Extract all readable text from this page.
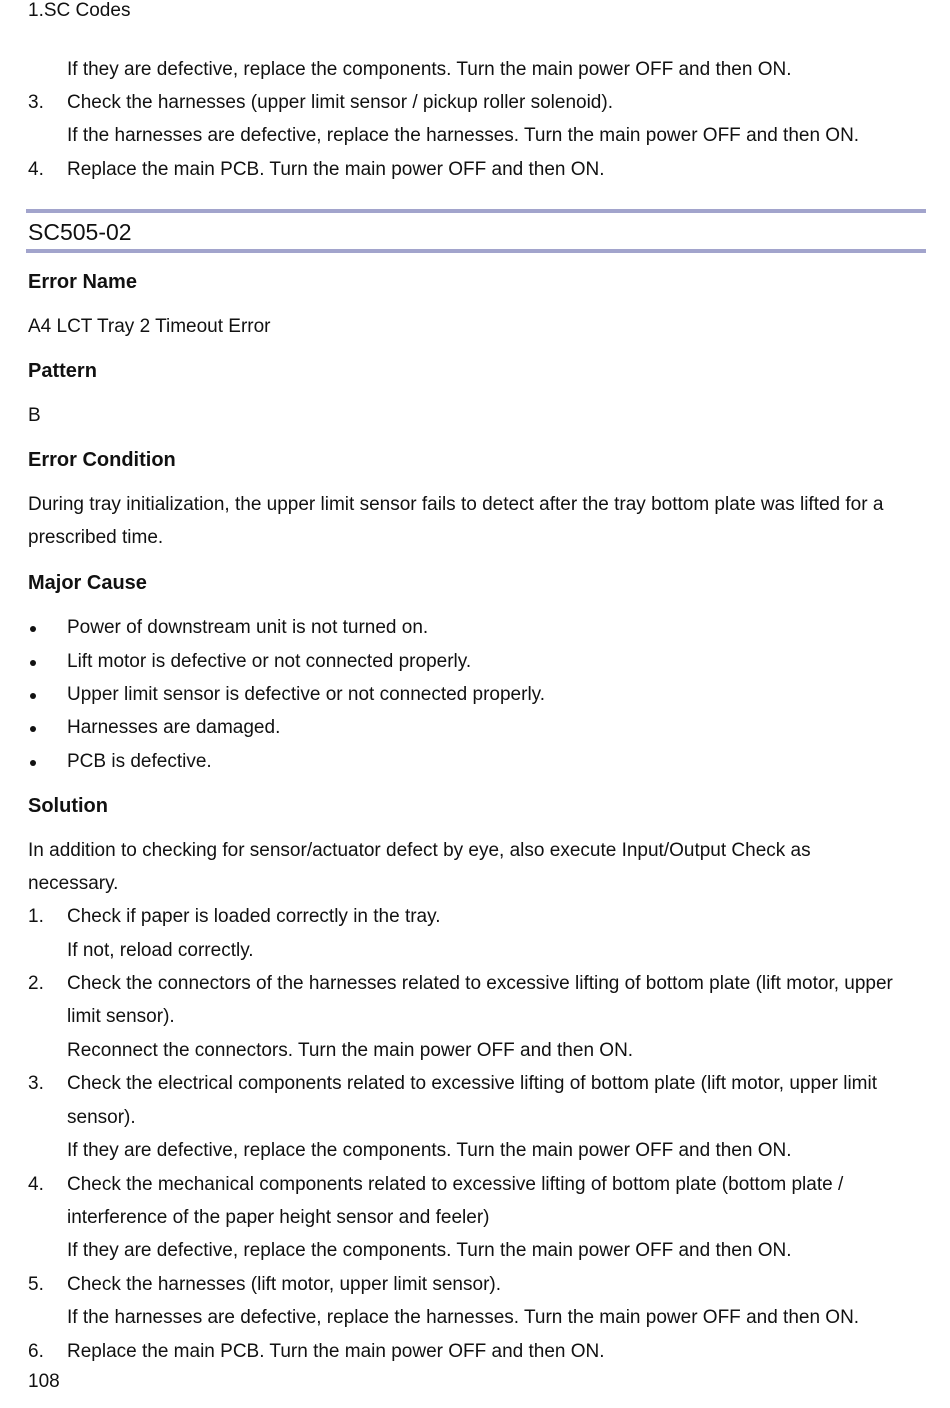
1.SC Codes
If they are defective, replace the components. Turn the main power OFF and then ON.
3. Check the harnesses (upper limit sensor / pickup roller solenoid).
If the harnesses are defective, replace the harnesses. Turn the main power OFF and then ON.
4. Replace the main PCB. Turn the main power OFF and then ON.
SC505-02
Error Name
A4 LCT Tray 2 Timeout Error
Pattern
B
Error Condition
During tray initialization, the upper limit sensor fails to detect after the tray bottom plate was lifted for a
prescribed time.
Major Cause
Power of downstream unit is not turned on.
Lift motor is defective or not connected properly.
Upper limit sensor is defective or not connected properly.
Harnesses are damaged.
PCB is defective.
Solution
In addition to checking for sensor/actuator defect by eye, also execute Input/Output Check as
necessary.
1. Check if paper is loaded correctly in the tray.
If not, reload correctly.
2. Check the connectors of the harnesses related to excessive lifting of bottom plate (lift motor, upper
limit sensor).
Reconnect the connectors. Turn the main power OFF and then ON.
3. Check the electrical components related to excessive lifting of bottom plate (lift motor, upper limit
sensor).
If they are defective, replace the components. Turn the main power OFF and then ON.
4. Check the mechanical components related to excessive lifting of bottom plate (bottom plate /
interference of the paper height sensor and feeler)
If they are defective, replace the components. Turn the main power OFF and then ON.
5. Check the harnesses (lift motor, upper limit sensor).
If the harnesses are defective, replace the harnesses. Turn the main power OFF and then ON.
6. Replace the main PCB. Turn the main power OFF and then ON.
108
